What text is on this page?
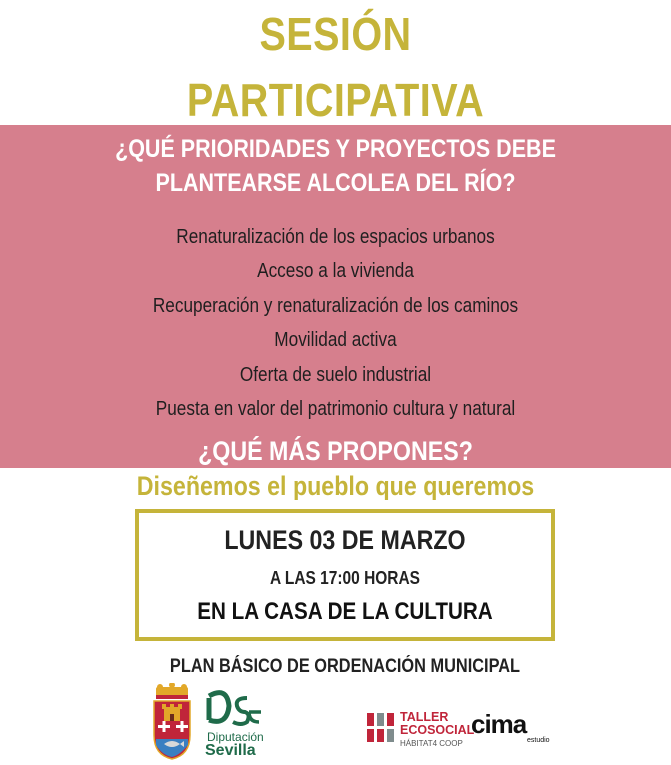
SESIÓN
PARTICIPATIVA
¿QUÉ PRIORIDADES Y PROYECTOS DEBE
PLANTEARSE ALCOLEA DEL RÍO?
Renaturalización de los espacios urbanos
Acceso a la vivienda
Recuperación y renaturalización de los caminos
Movilidad activa
Oferta de suelo industrial
Puesta en valor del patrimonio cultura y natural
¿QUÉ MÁS PROPONES?
Diseñemos el pueblo que queremos
LUNES 03 DE MARZO
A LAS 17:00 HORAS
EN LA CASA DE LA CULTURA
PLAN BÁSICO DE ORDENACIÓN MUNICIPAL
Diputación
Sevilla
TALLER
ECOSOCIAL
HÁBITAT4 COOP
cima
estudio
